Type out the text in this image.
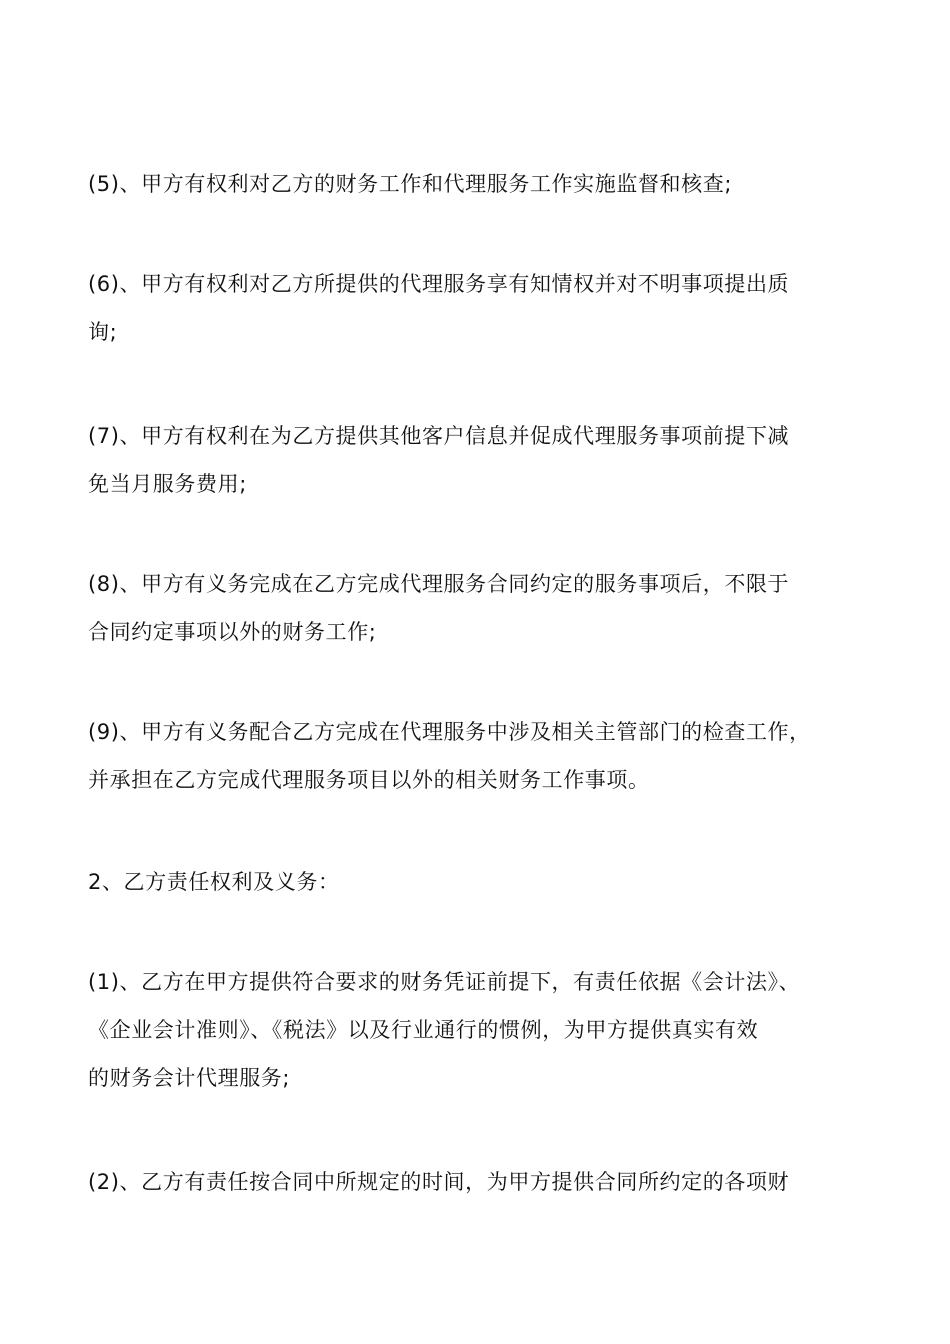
(5)、甲方有权利对乙方的财务工作和代理服务工作实施监督和核查;
(6)、甲方有权利对乙方所提供的代理服务享有知情权并对不明事项提出质
询;
(7)、甲方有权利在为乙方提供其他客户信息并促成代理服务事项前提下减
免当月服务费用;
(8)、甲方有义务完成在乙方完成代理服务合同约定的服务事项后，不限于
合同约定事项以外的财务工作;
(9)、甲方有义务配合乙方完成在代理服务中涉及相关主管部门的检查工作，
并承担在乙方完成代理服务项目以外的相关财务工作事项。
2、乙方责任权利及义务：
(1)、乙方在甲方提供符合要求的财务凭证前提下，有责任依据《会计法》、
《企业会计准则》、《税法》以及行业通行的惯例，为甲方提供真实有效
的财务会计代理服务;
(2)、乙方有责任按合同中所规定的时间，为甲方提供合同所约定的各项财
